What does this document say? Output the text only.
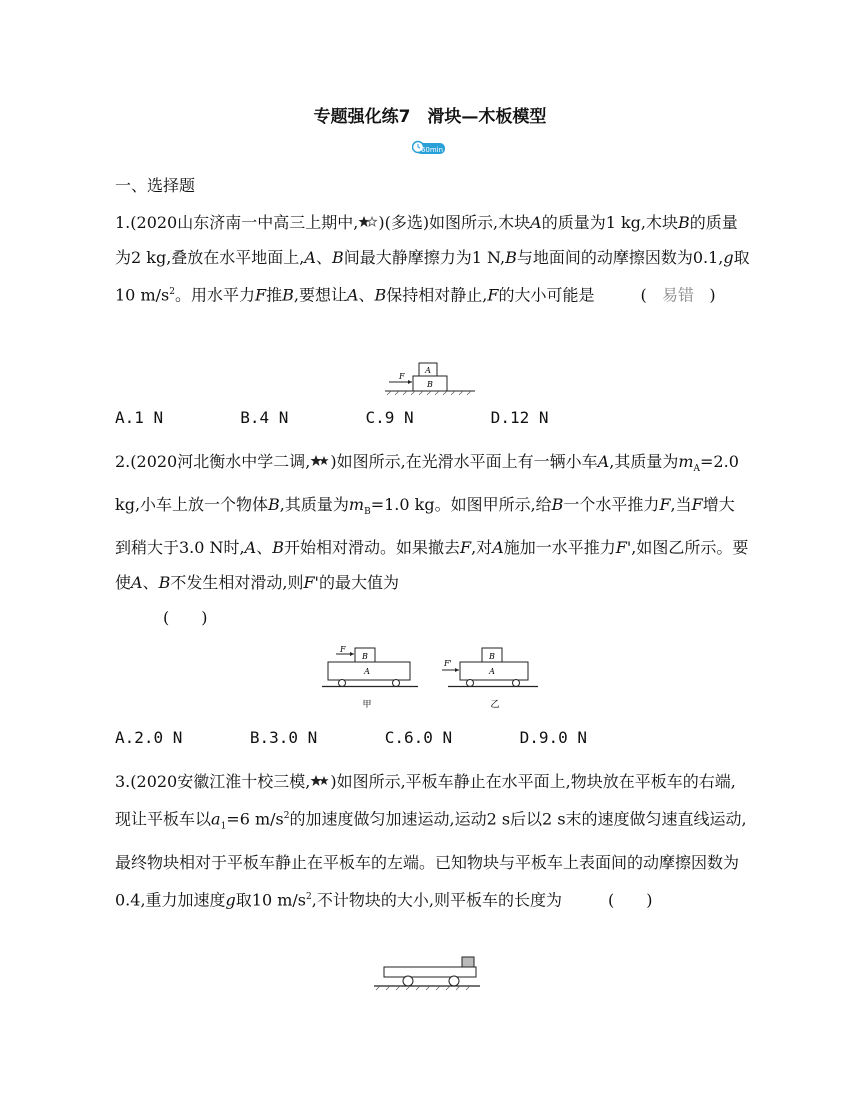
专题强化练7　滑块—木板模型
60min
一、选择题

1.(2020山东济南一中高三上期中, )(多选)如图所示,木块A的质量为1 kg,木块B的质量为2 kg,叠放在水平地面上,A、B间最大静摩擦力为1 N,B与地面间的动摩擦因数为0.1,g取10 $m/s^2$。用水平力F推B,要想让A、B保持相对静止,F的大小可能是	( 易错 )

A
B
F
A.1 N        B.4 N        C.9 N        D.12 N

2.(2020河北衡水中学二调, )如图所示,在光滑水平面上有一辆小车A,其质量为$m_A=2.0$ kg,小车上放一个物体B,其质量为$m_B=1.0$ kg。如图甲所示,给B一个水平推力F,当F增大到稍大于3.0 N时,A、B开始相对滑动。如果撤去F,对A施加一水平推力F',如图乙所示。要使A、B不发生相对滑动,则F'的最大值为

(　　)

B
F
A
甲
B
F'
A
乙
A.2.0 N       B.3.0 N       C.6.0 N       D.9.0 N

3.(2020安徽江淮十校三模, )如图所示,平板车静止在水平面上,物块放在平板车的右端,现让平板车以$a_1=6$ $m/s^2$的加速度做匀加速运动,运动2 s后以2 s末的速度做匀速直线运动,最终物块相对于平板车静止在平板车的左端。已知物块与平板车上表面间的动摩擦因数为0.4,重力加速度g取10 $m/s^2$,不计物块的大小,则平板车的长度为	(　　)
